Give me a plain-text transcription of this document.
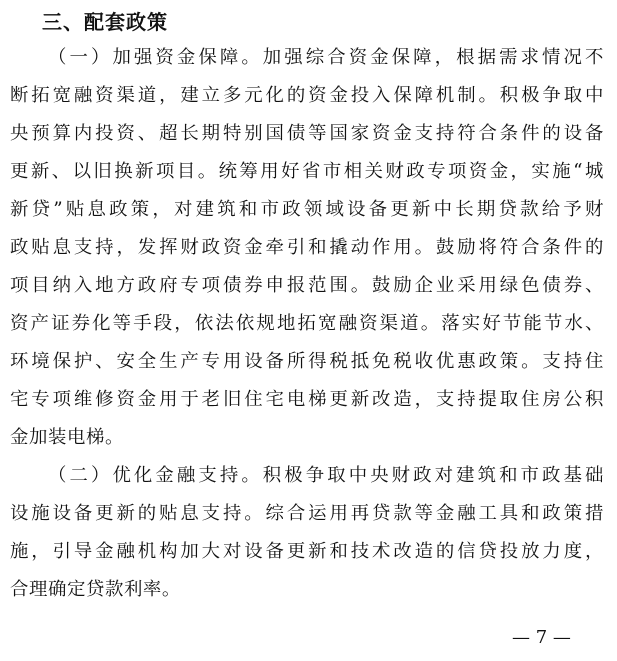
三、配套政策
（一）加强资金保障。加强综合资金保障，根据需求情况不
断拓宽融资渠道，建立多元化的资金投入保障机制。积极争取中
央预算内投资、超长期特别国债等国家资金支持符合条件的设备
更新、以旧换新项目。统筹用好省市相关财政专项资金，实施“城
新贷”贴息政策，对建筑和市政领域设备更新中长期贷款给予财
政贴息支持，发挥财政资金牵引和撬动作用。鼓励将符合条件的
项目纳入地方政府专项债券申报范围。鼓励企业采用绿色债券、
资产证券化等手段，依法依规地拓宽融资渠道。落实好节能节水、
环境保护、安全生产专用设备所得税抵免税收优惠政策。支持住
宅专项维修资金用于老旧住宅电梯更新改造，支持提取住房公积
金加装电梯。
（二）优化金融支持。积极争取中央财政对建筑和市政基础
设施设备更新的贴息支持。综合运用再贷款等金融工具和政策措
施，引导金融机构加大对设备更新和技术改造的信贷投放力度，
合理确定贷款利率。
— 7 —
